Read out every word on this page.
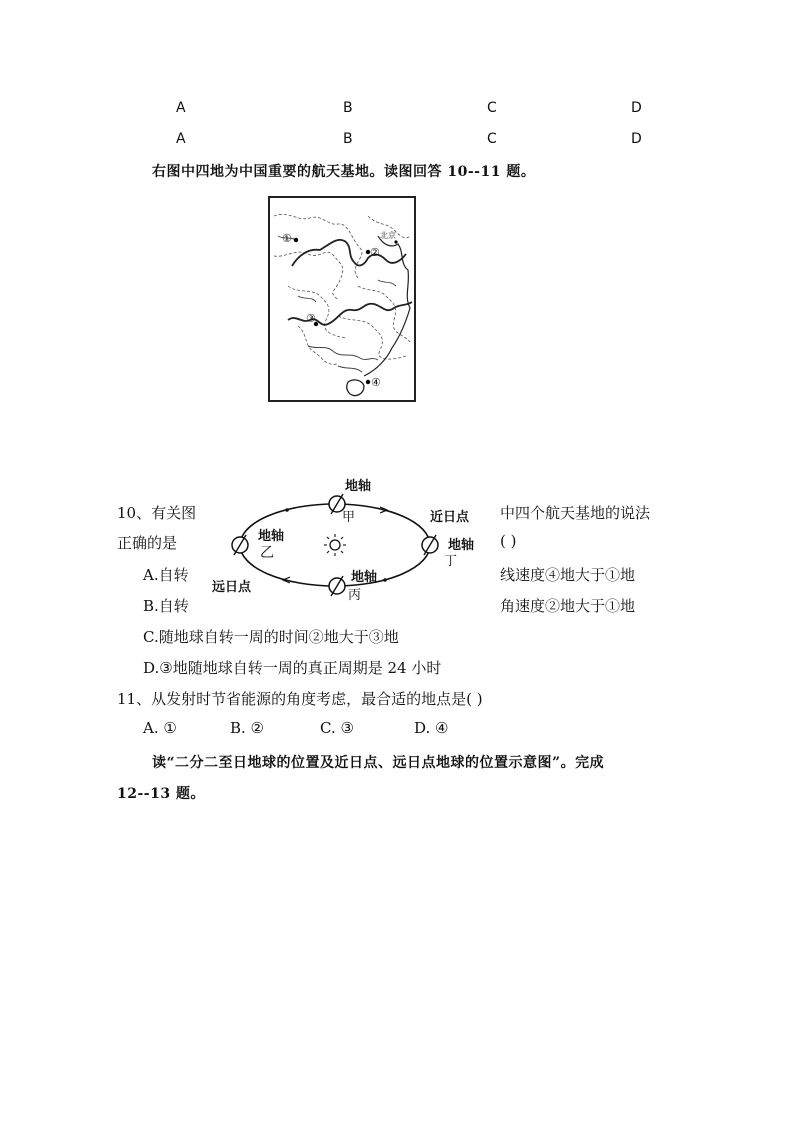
A	B	C	D
A	B	C	D
右图中四地为中国重要的航天基地。读图回答 10--11 题。
①
②
③
④
北京
10、有关图	中四个航天基地的说法
正确的是	( )
A.自转	线速度④地大于①地
B.自转	角速度②地大于①地
C.随地球自转一周的时间②地大于③地
D.③地随地球自转一周的真正周期是 24 小时
地轴
甲
地轴
乙
近日点
地轴
丁
地轴
丙
远日点
11、从发射时节省能源的角度考虑，最合适的地点是( )
A. ①	B. ②	C. ③	D. ④
读“二分二至日地球的位置及近日点、远日点地球的位置示意图”。完成
12--13 题。
